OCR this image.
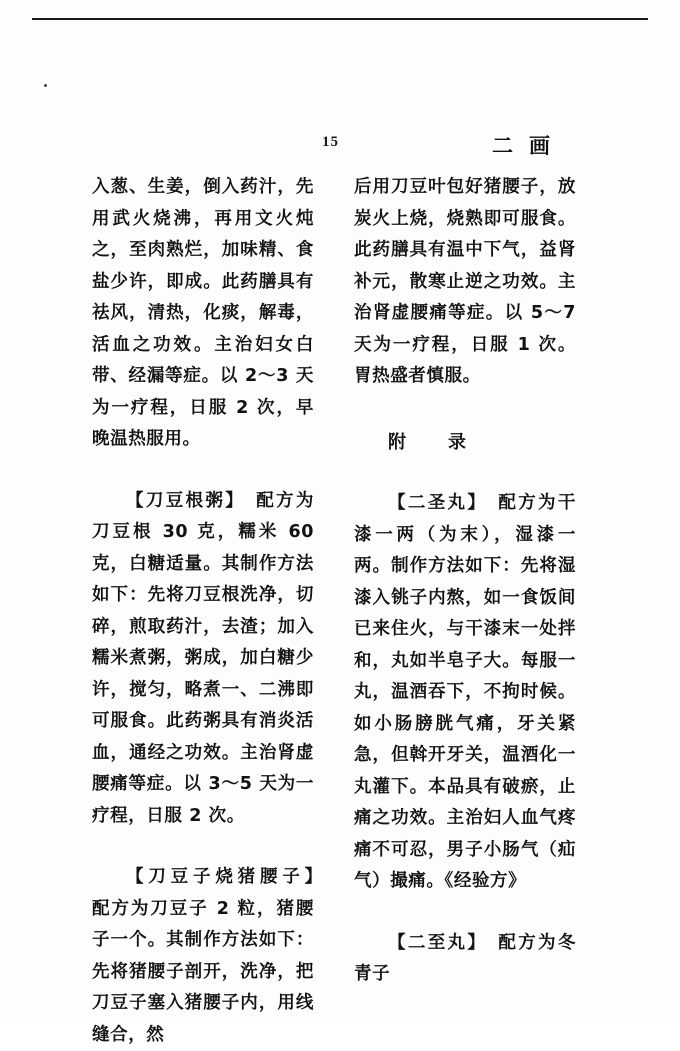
15	二画

入葱、生姜，倒入药汁，先用武火烧沸，再用文火炖之，至肉熟烂，加味精、食盐少许，即成。此药膳具有祛风，清热，化痰，解毒，活血之功效。主治妇女白带、经漏等症。以 2～3 天为一疗程，日服 2 次，早晚温热服用。

【刀豆根粥】　配方为刀豆根 30 克，糯米 60 克，白糖适量。其制作方法如下：先将刀豆根洗净，切碎，煎取药汁，去渣；加入糯米煮粥，粥成，加白糖少许，搅匀，略煮一、二沸即可服食。此药粥具有消炎活血，通经之功效。主治肾虚腰痛等症。以 3～5 天为一疗程，日服 2 次。

【刀豆子烧猪腰子】　配方为刀豆子 2 粒，猪腰子一个。其制作方法如下：先将猪腰子剖开，洗净，把刀豆子塞入猪腰子内，用线缝合，然

后用刀豆叶包好猪腰子，放炭火上烧，烧熟即可服食。此药膳具有温中下气，益肾补元，散寒止逆之功效。主治肾虚腰痛等症。以 5～7 天为一疗程，日服 1 次。胃热盛者慎服。

附　录

【二圣丸】　配方为干漆一两（为末），湿漆一两。制作方法如下：先将湿漆入铫子内熬，如一食饭间已来住火，与干漆末一处拌和，丸如半皂子大。每服一丸，温酒吞下，不拘时候。如小肠膀胱气痛，牙关紧急，但斡开牙关，温酒化一丸灌下。本品具有破瘀，止痛之功效。主治妇人血气疼痛不可忍，男子小肠气（疝气）撮痛。《经验方》

【二至丸】　配方为冬青子
